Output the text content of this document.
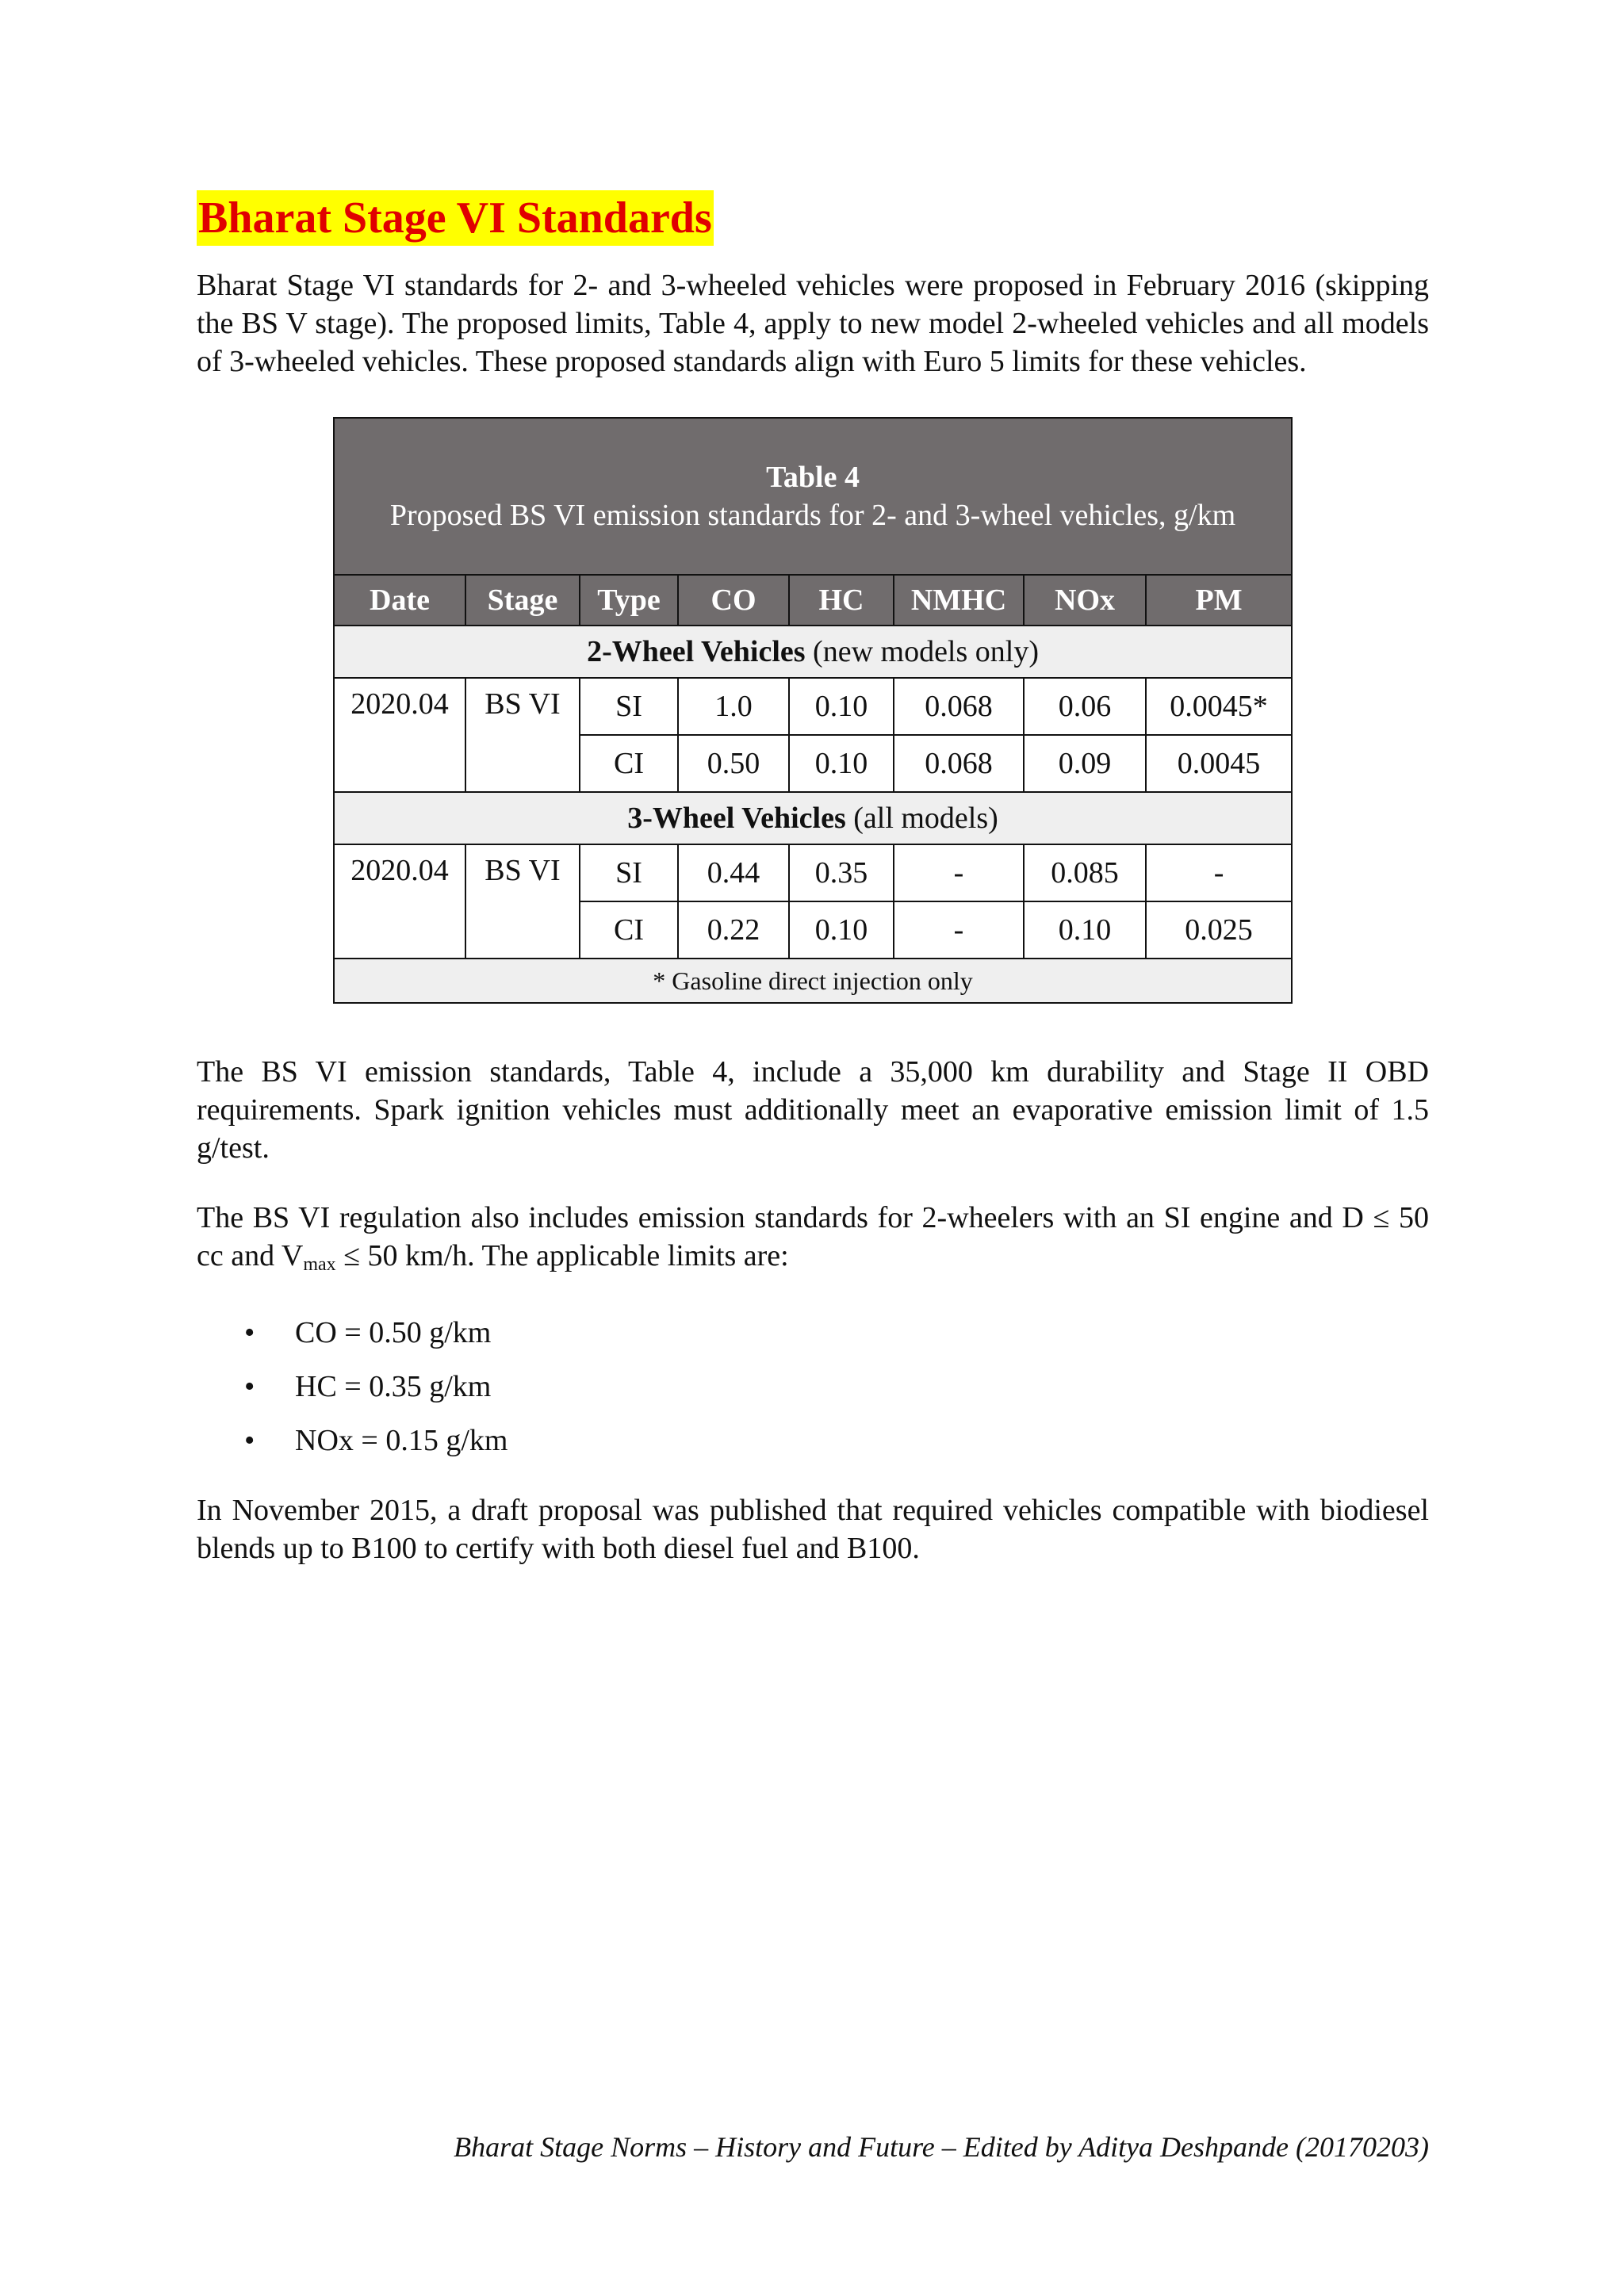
Bharat Stage VI Standards

Bharat Stage VI standards for 2- and 3-wheeled vehicles were proposed in February 2016 (skipping the BS V stage). The proposed limits, Table 4, apply to new model 2-wheeled vehicles and all models of 3-wheeled vehicles. These proposed standards align with Euro 5 limits for these vehicles.

Table 4
Proposed BS VI emission standards for 2- and 3-wheel vehicles, g/km							

Date	Stage	Type	CO	HC	NMHC	NOx	PM
2-Wheel Vehicles (new models only)							
2020.04	BS VI	SI	1.0	0.10	0.068	0.06	0.0045*
		CI	0.50	0.10	0.068	0.09	0.0045
3-Wheel Vehicles (all models)							
2020.04	BS VI	SI	0.44	0.35	-	0.085	-
		CI	0.22	0.10	-	0.10	0.025
* Gasoline direct injection only							

The BS VI emission standards, Table 4, include a 35,000 km durability and Stage II OBD requirements. Spark ignition vehicles must additionally meet an evaporative emission limit of 1.5 g/test.

The BS VI regulation also includes emission standards for 2-wheelers with an SI engine and D ≤ 50 cc and $V_{max} \le 50$ km/h. The applicable limits are:

• CO = 0.50 g/km
• HC = 0.35 g/km
• NOx = 0.15 g/km

In November 2015, a draft proposal was published that required vehicles compatible with biodiesel blends up to B100 to certify with both diesel fuel and B100.

Bharat Stage Norms – History and Future – Edited by Aditya Deshpande (20170203)
